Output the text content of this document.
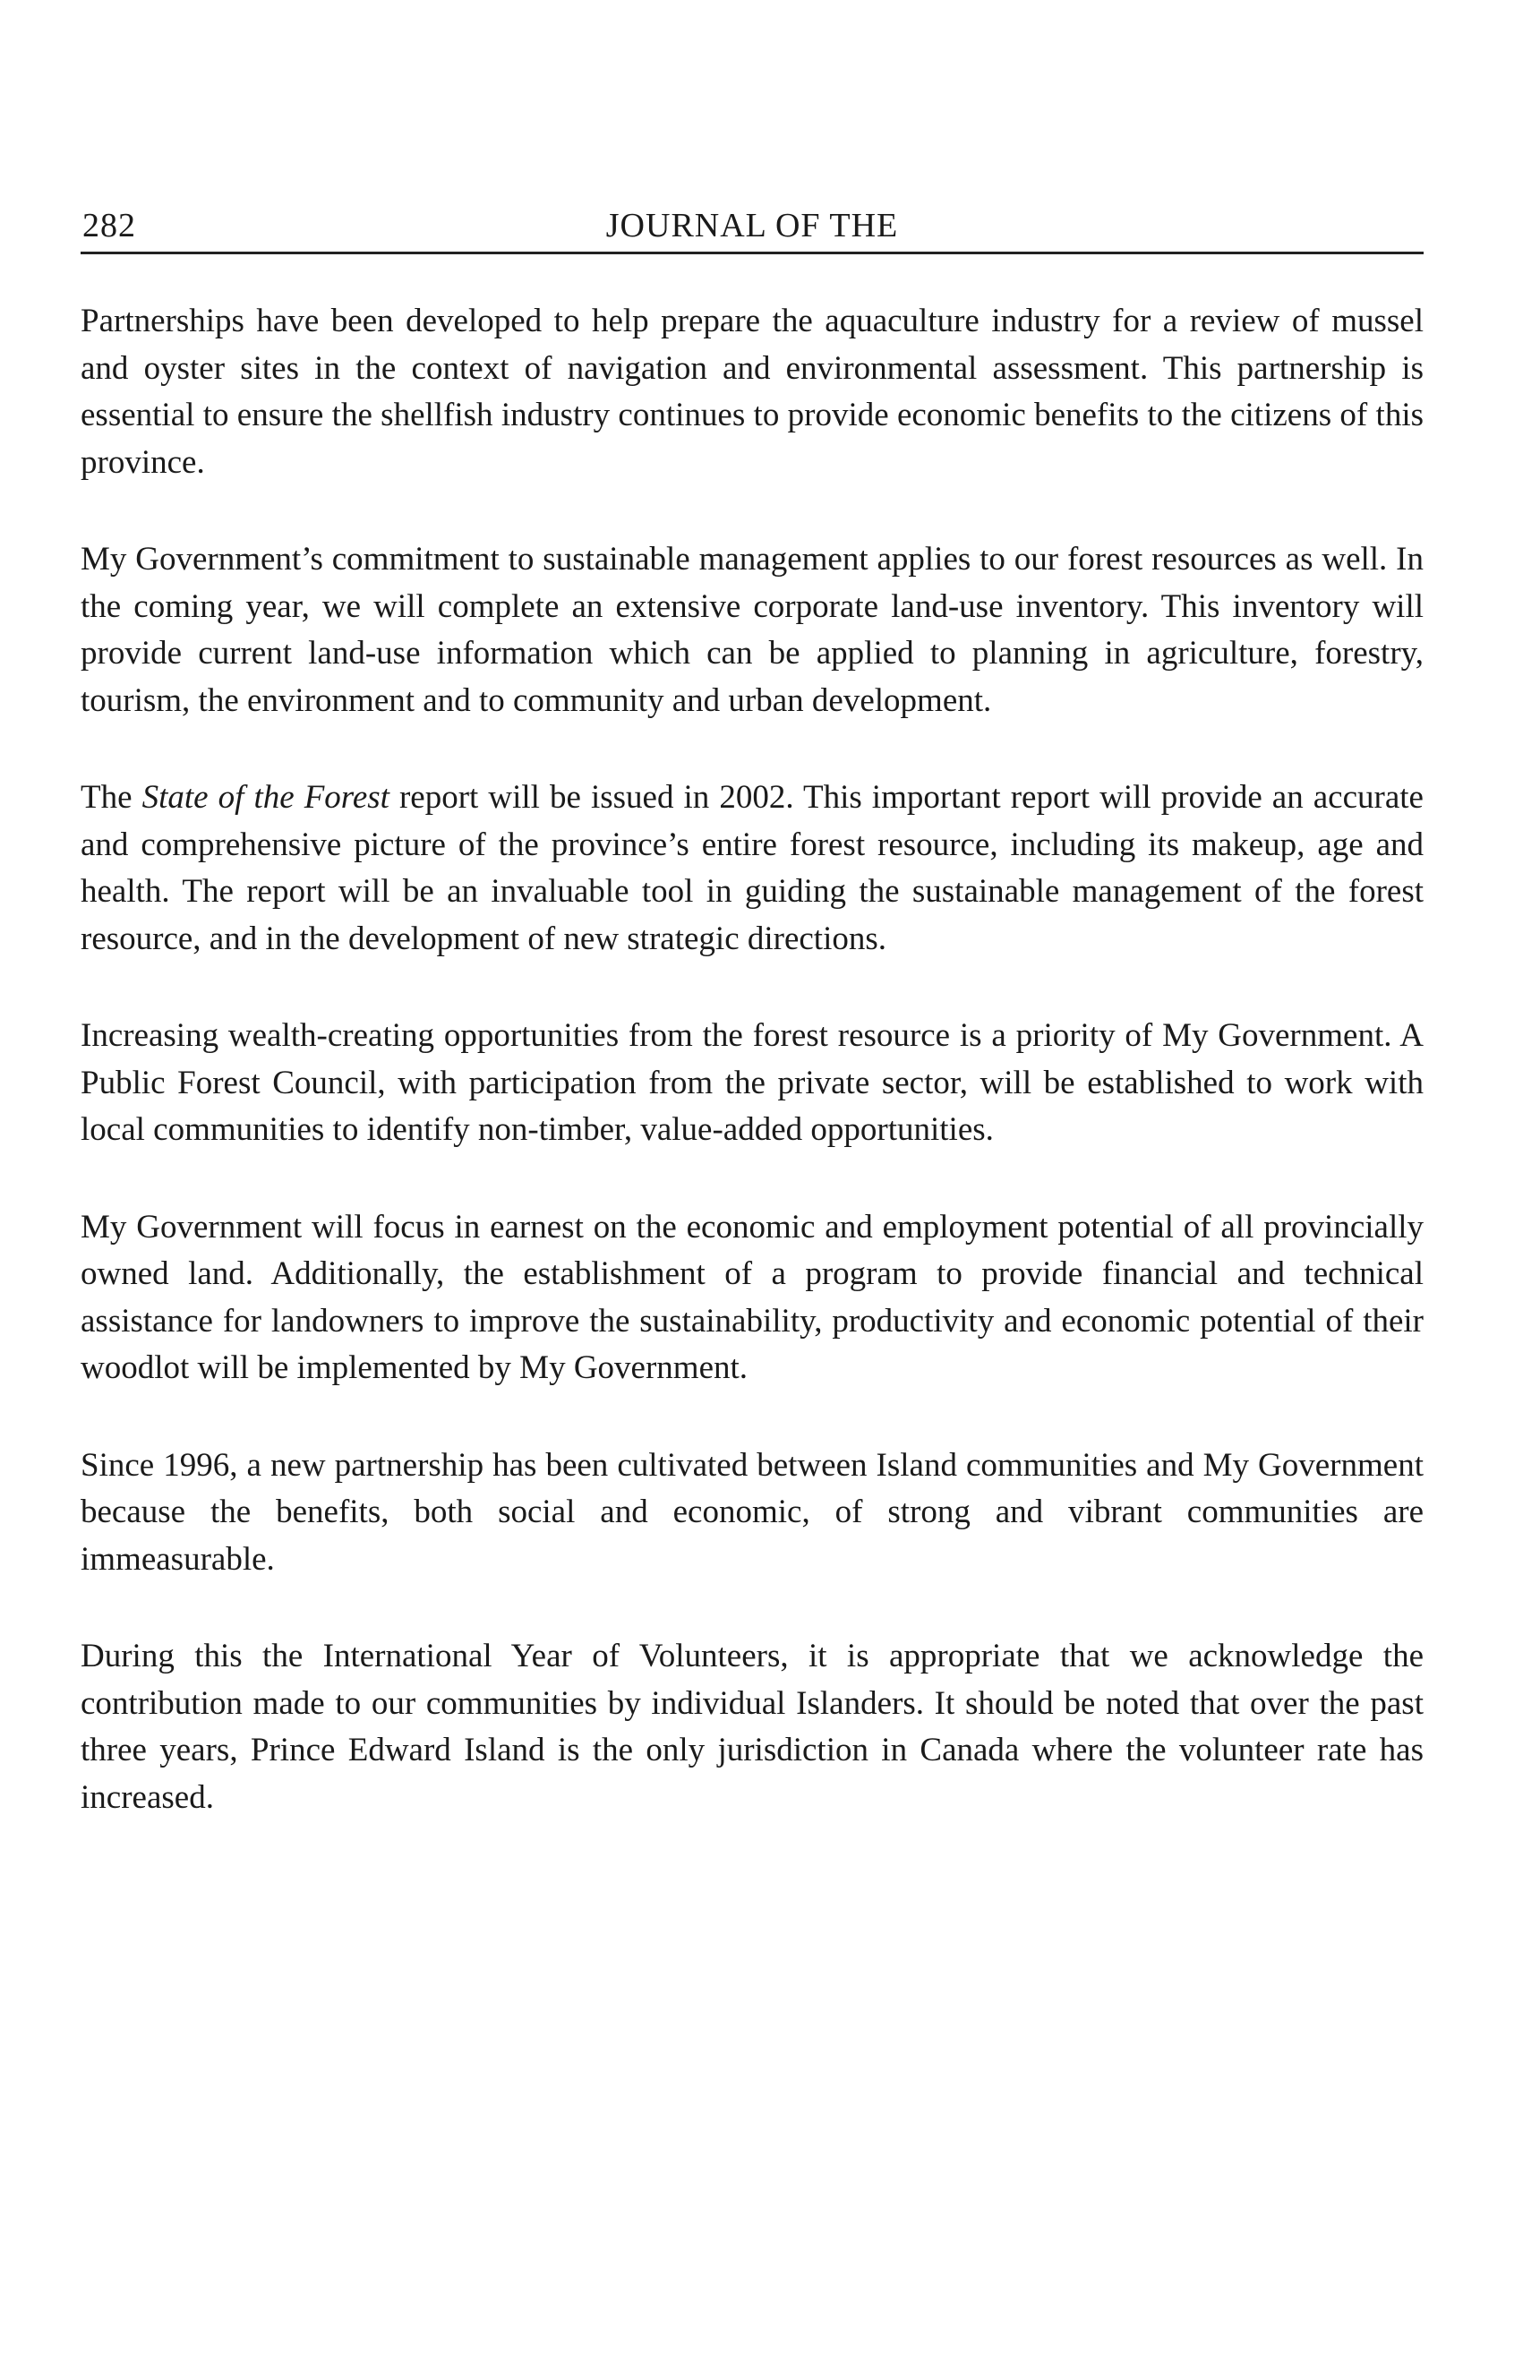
282	JOURNAL OF THE

Partnerships have been developed to help prepare the aquaculture industry for a review of mussel and oyster sites in the context of navigation and environmental assessment. This partnership is essential to ensure the shellfish industry continues to provide economic benefits to the citizens of this province.

My Government’s commitment to sustainable management applies to our forest resources as well. In the coming year, we will complete an extensive corporate land-use inventory. This inventory will provide current land-use information which can be applied to planning in agriculture, forestry, tourism, the environment and to community and urban development.

The State of the Forest report will be issued in 2002. This important report will provide an accurate and comprehensive picture of the province’s entire forest resource, including its makeup, age and health. The report will be an invaluable tool in guiding the sustainable management of the forest resource, and in the development of new strategic directions.

Increasing wealth-creating opportunities from the forest resource is a priority of My Government. A Public Forest Council, with participation from the private sector, will be established to work with local communities to identify non-timber, value-added opportunities.

My Government will focus in earnest on the economic and employment potential of all provincially owned land. Additionally, the establishment of a program to provide financial and technical assistance for landowners to improve the sustainability, productivity and economic potential of their woodlot will be implemented by My Government.

Since 1996, a new partnership has been cultivated between Island communities and My Government because the benefits, both social and economic, of strong and vibrant communities are immeasurable.

During this the International Year of Volunteers, it is appropriate that we acknowledge the contribution made to our communities by individual Islanders. It should be noted that over the past three years, Prince Edward Island is the only jurisdiction in Canada where the volunteer rate has increased.
